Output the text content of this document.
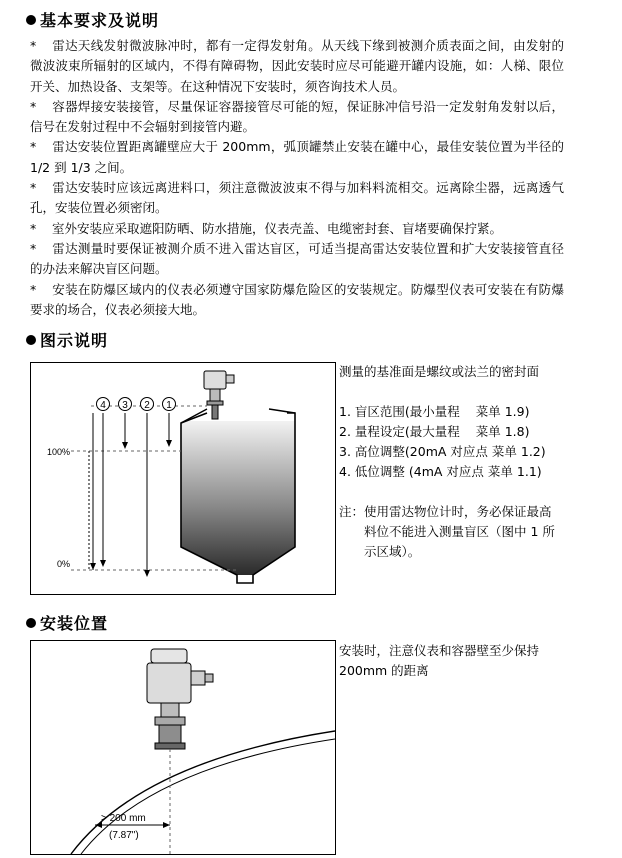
基本要求及说明

* 雷达天线发射微波脉冲时，都有一定得发射角。从天线下缘到被测介质表面之间，由发射的微波波束所辐射的区域内，不得有障碍物，因此安装时应尽可能避开罐内设施，如：人梯、限位开关、加热设备、支架等。在这种情况下安装时，须咨询技术人员。

* 容器焊接安装接管，尽量保证容器接管尽可能的短，保证脉冲信号沿一定发射角发射以后，信号在发射过程中不会辐射到接管内避。

* 雷达安装位置距离罐壁应大于 200mm，弧顶罐禁止安装在罐中心，最佳安装位置为半径的 1/2 到 1/3 之间。

* 雷达安装时应该远离进料口，须注意微波波束不得与加料料流相交。远离除尘器，远离透气孔，安装位置必须密闭。

* 室外安装应采取遮阳防晒、防水措施，仪表壳盖、电缆密封套、盲堵要确保拧紧。

* 雷达测量时要保证被测介质不进入雷达盲区，可适当提高雷达安装位置和扩大安装接管直径的办法来解决盲区问题。

* 安装在防爆区域内的仪表必须遵守国家防爆危险区的安装规定。防爆型仪表可安装在有防爆要求的场合，仪表必须接大地。

图示说明
4 3 2 1
100%
0%

测量的基准面是螺纹或法兰的密封面

1. 盲区范围(最小量程 菜单 1.9)
2. 量程设定(最大量程 菜单 1.8)
3. 高位调整(20mA 对应点 菜单 1.2)
4. 低位调整 (4mA 对应点 菜单 1.1)
注： 使用雷达物位计时，务必保证最高料位不能进入测量盲区（图中 1 所示区域）。
安装位置
> 200 mm
(7.87")

安装时，注意仪表和容器壁至少保持 200mm 的距离
